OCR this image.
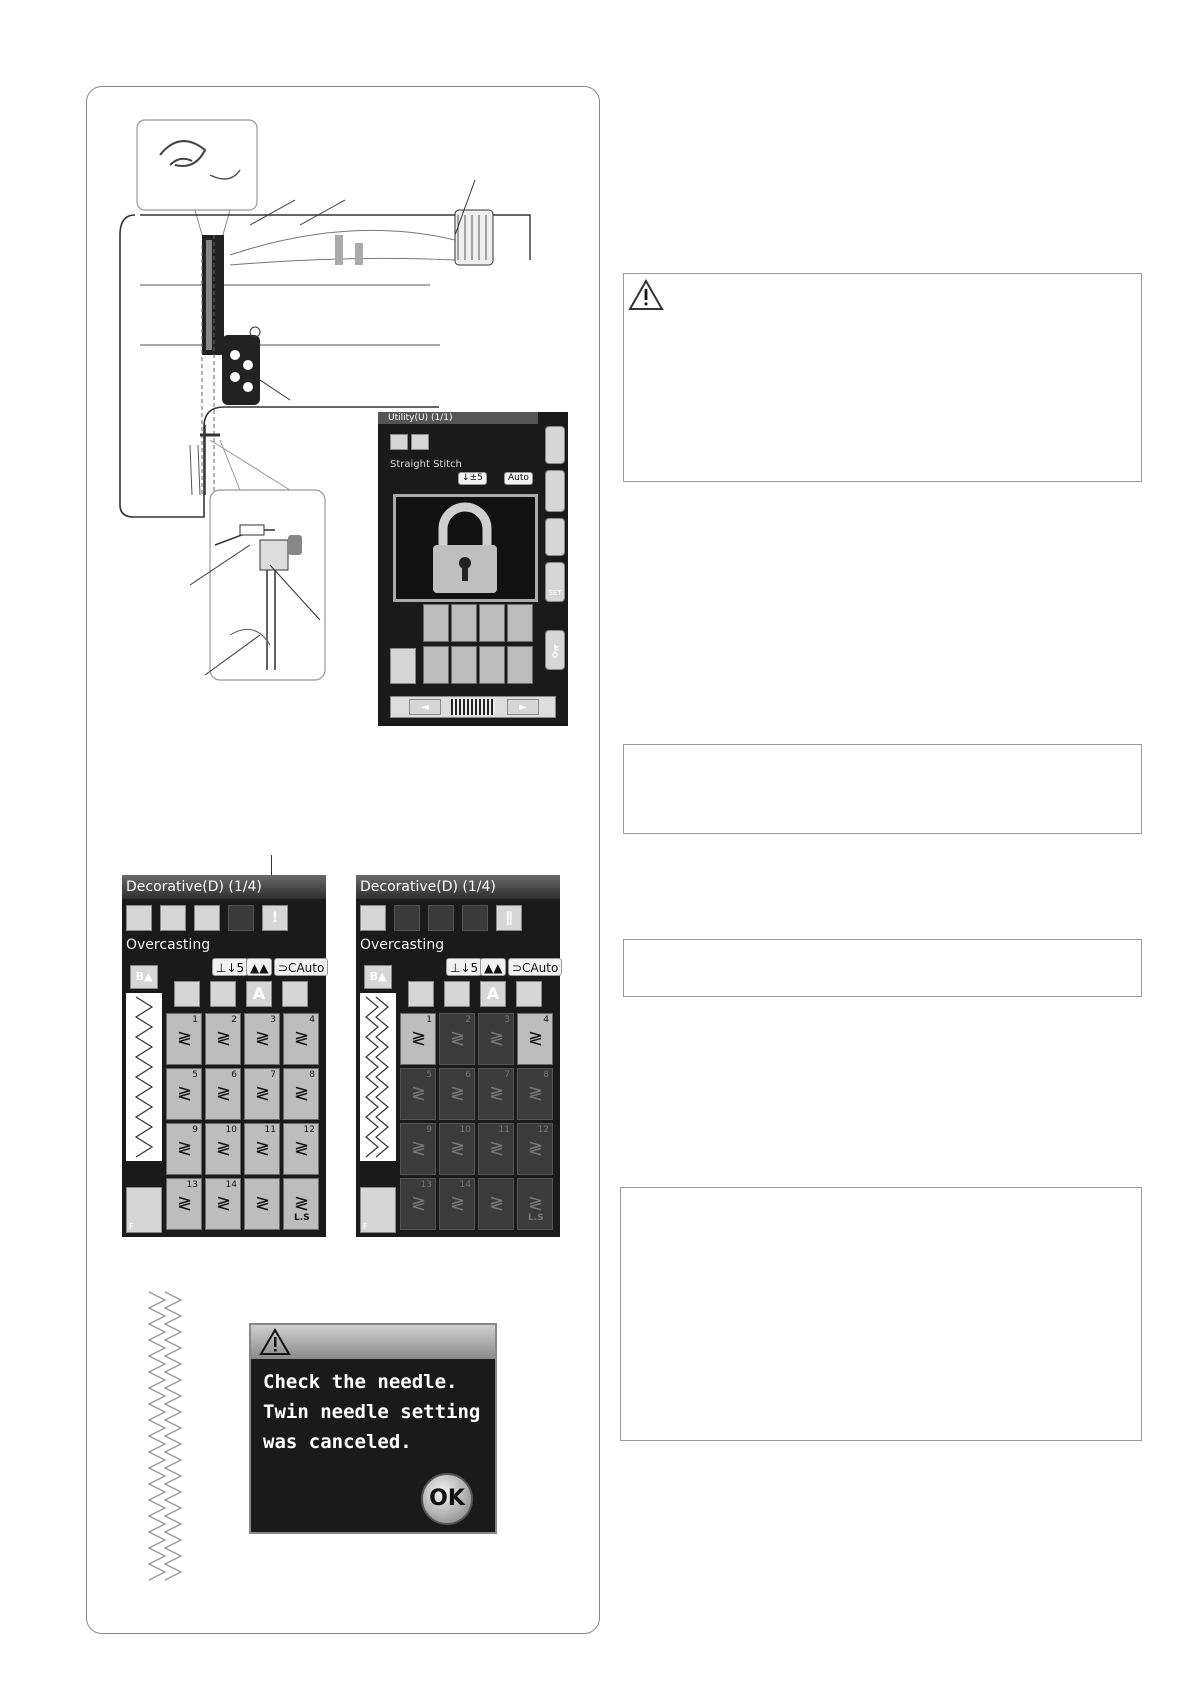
Utility(U) (1/1)
Straight Stitch
↓±5	Auto
◄	►
SET
⚷
Decorative(D) (1/4)
!
Overcasting
⊥↓5 ▲▲ ⊃CAuto
B▲
F
A
1
≷
2
≷
3
≷
4
≷
5
≷
6
≷
7
≷
8
≷
9
≷
10
≷
11
≷
12
≷
13
≷
14
≷ ≷ ≷
L.S
Decorative(D) (1/4)
∥
Overcasting
⊥↓5 ▲▲ ⊃CAuto
B▲
F
A
1
≷
2
≷
3
≷
4
≷
5
≷
6
≷
7
≷
8
≷
9
≷
10
≷
11
≷
12
≷
13
≷
14
≷ ≷ ≷
L.S
Check the needle.
Twin needle setting
was canceled.
OK
